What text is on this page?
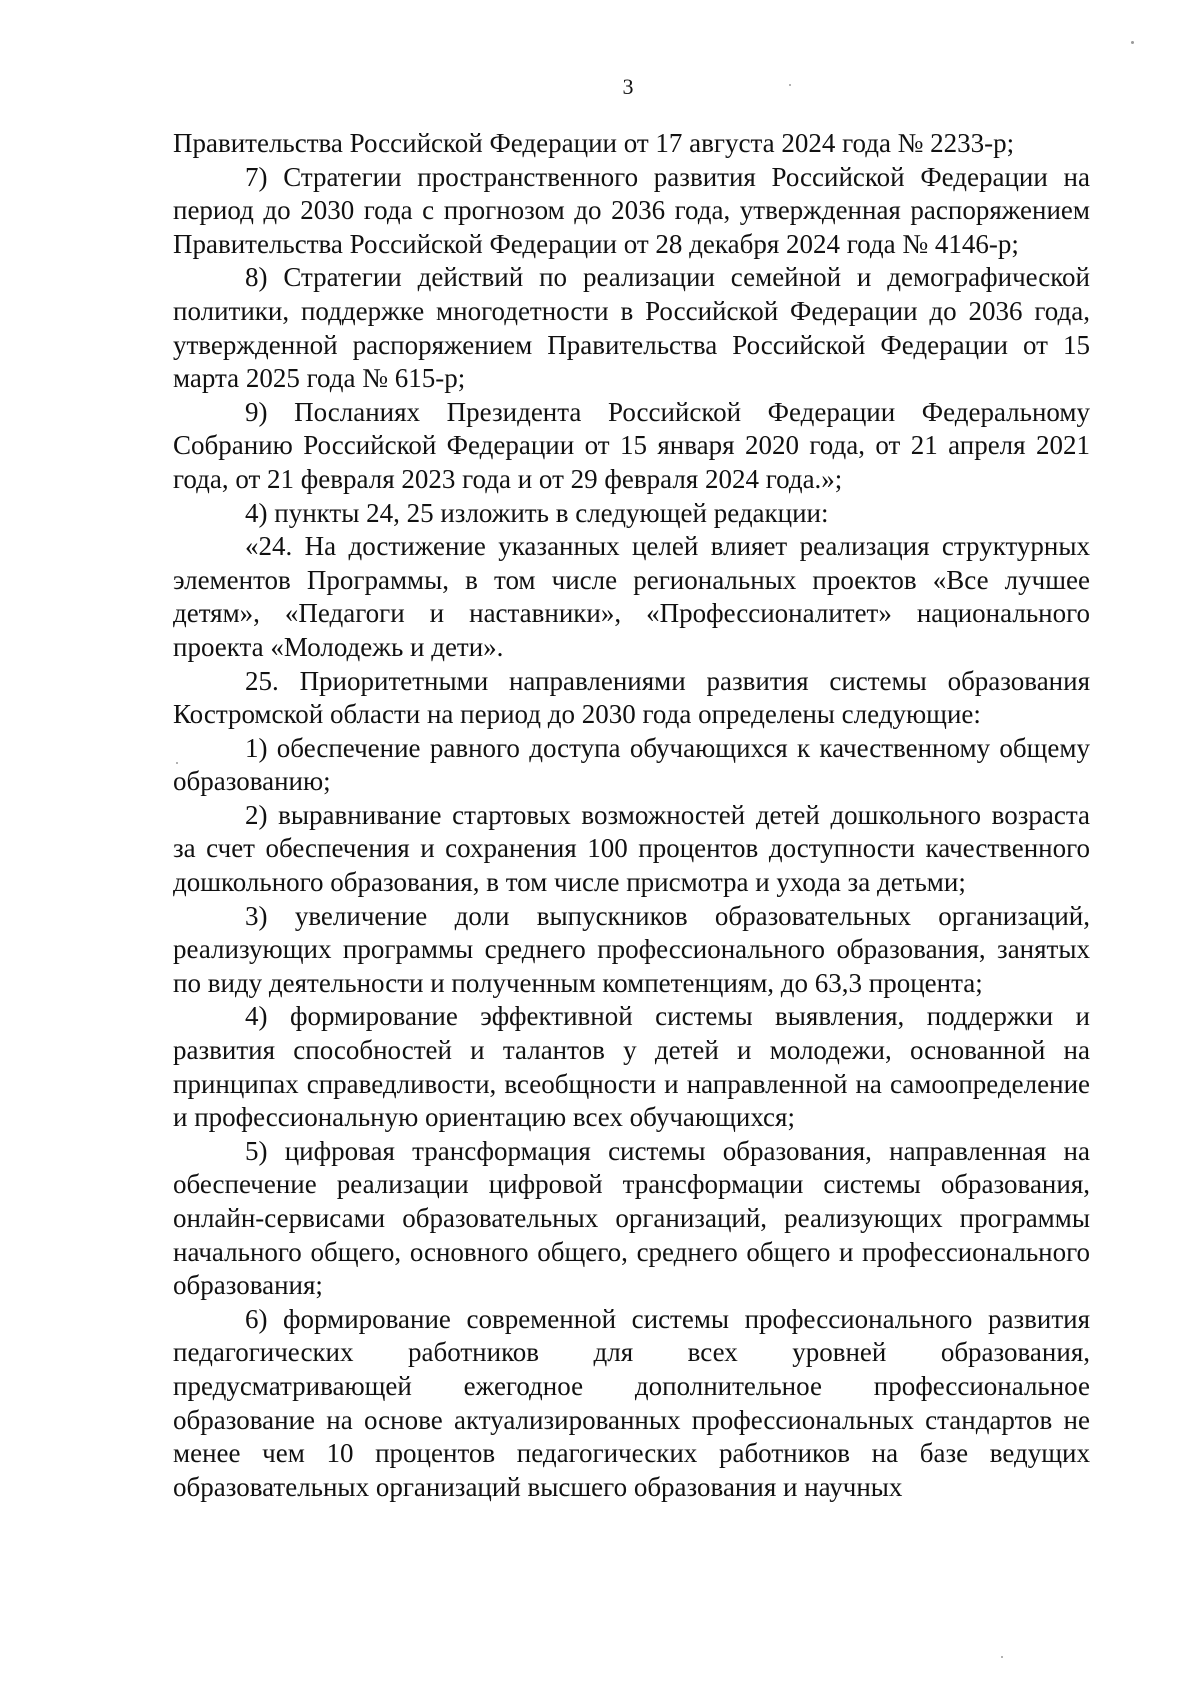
3

Правительства Российской Федерации от 17 августа 2024 года № 2233-р;

7) Стратегии пространственного развития Российской Федерации на период до 2030 года с прогнозом до 2036 года, утвержденная распоряжением Правительства Российской Федерации от 28 декабря 2024 года № 4146-р;

8) Стратегии действий по реализации семейной и демографической политики, поддержке многодетности в Российской Федерации до 2036 года, утвержденной распоряжением Правительства Российской Федерации от 15 марта 2025 года № 615-р;

9) Посланиях Президента Российской Федерации Федеральному Собранию Российской Федерации от 15 января 2020 года, от 21 апреля 2021 года, от 21 февраля 2023 года и от 29 февраля 2024 года.»;

4) пункты 24, 25 изложить в следующей редакции:

«24. На достижение указанных целей влияет реализация структурных элементов Программы, в том числе региональных проектов «Все лучшее детям», «Педагоги и наставники», «Профессионалитет» национального проекта «Молодежь и дети».

25. Приоритетными направлениями развития системы образования Костромской области на период до 2030 года определены следующие:

1) обеспечение равного доступа обучающихся к качественному общему образованию;

2) выравнивание стартовых возможностей детей дошкольного возраста за счет обеспечения и сохранения 100 процентов доступности качественного дошкольного образования, в том числе присмотра и ухода за детьми;

3) увеличение доли выпускников образовательных организаций, реализующих программы среднего профессионального образования, занятых по виду деятельности и полученным компетенциям, до 63,3 процента;

4) формирование эффективной системы выявления, поддержки и развития способностей и талантов у детей и молодежи, основанной на принципах справедливости, всеобщности и направленной на самоопределение и профессиональную ориентацию всех обучающихся;

5) цифровая трансформация системы образования, направленная на обеспечение реализации цифровой трансформации системы образования, онлайн-сервисами образовательных организаций, реализующих программы начального общего, основного общего, среднего общего и профессионального образования;

6) формирование современной системы профессионального развития педагогических работников для всех уровней образования, предусматривающей ежегодное дополнительное профессиональное образование на основе актуализированных профессиональных стандартов не менее чем 10 процентов педагогических работников на базе ведущих образовательных организаций высшего образования и научных
